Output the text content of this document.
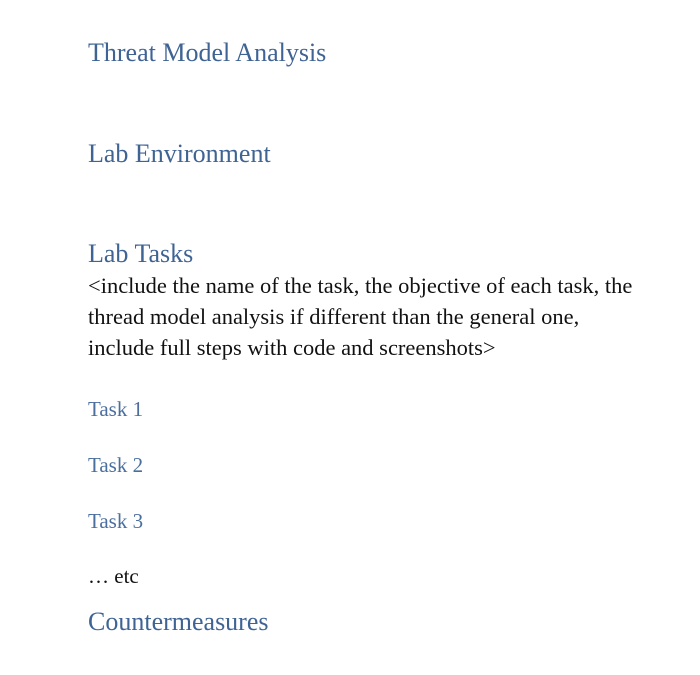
Threat Model Analysis
Lab Environment
Lab Tasks

<include the name of the task, the objective of each task, the thread model analysis if different than the general one, include full steps with code and screenshots>

Task 1
Task 2
Task 3

… etc

Countermeasures
